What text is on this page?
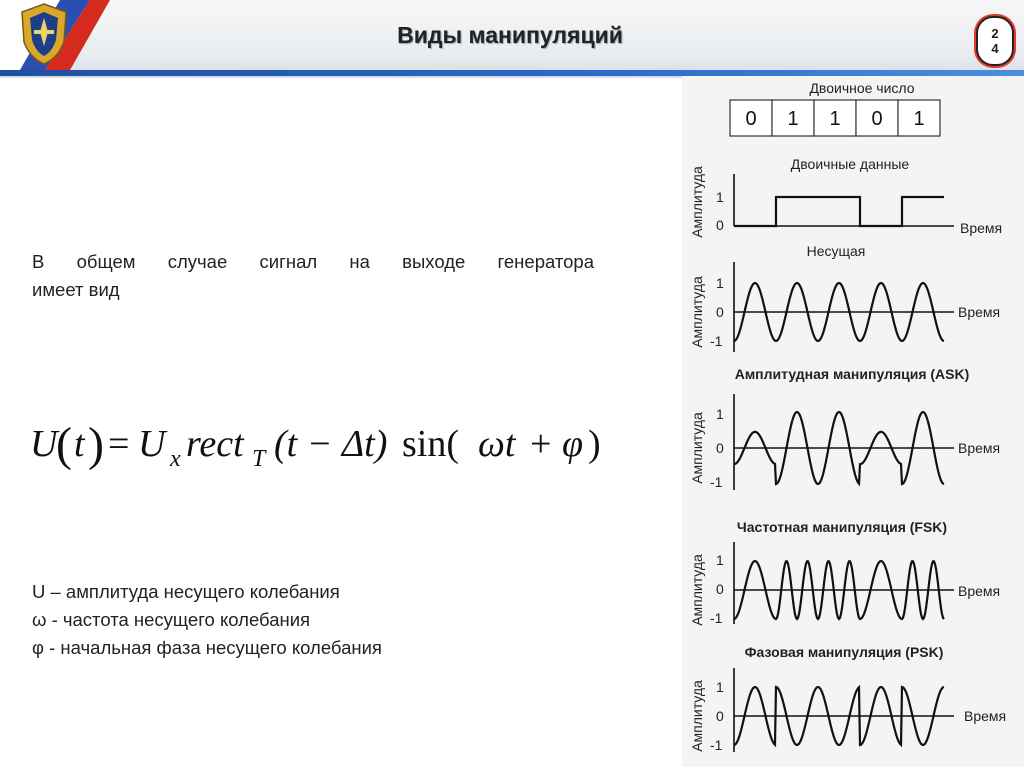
Виды манипуляций	2
4
В общем случае сигнал на выходе генератора
имеет вид
U
( t ) = U x rect T (t − Δt) sin( ωt + φ )
U – амплитуда несущего колебания
ω - частота несущего колебания
φ - начальная фаза несущего колебания
Двоичное число
0 1 1 0 1
Двоичные данные
Несущая
Амплитудная манипуляция (ASK)
Частотная манипуляция (FSK)
Фазовая манипуляция (PSK)
Амплитуда
Амплитуда
Амплитуда
Амплитуда
Амплитуда
1
0
1
0
-1
1
0
-1
1
0
-1
1
0
-1
Время
Время
Время
Время
Время
